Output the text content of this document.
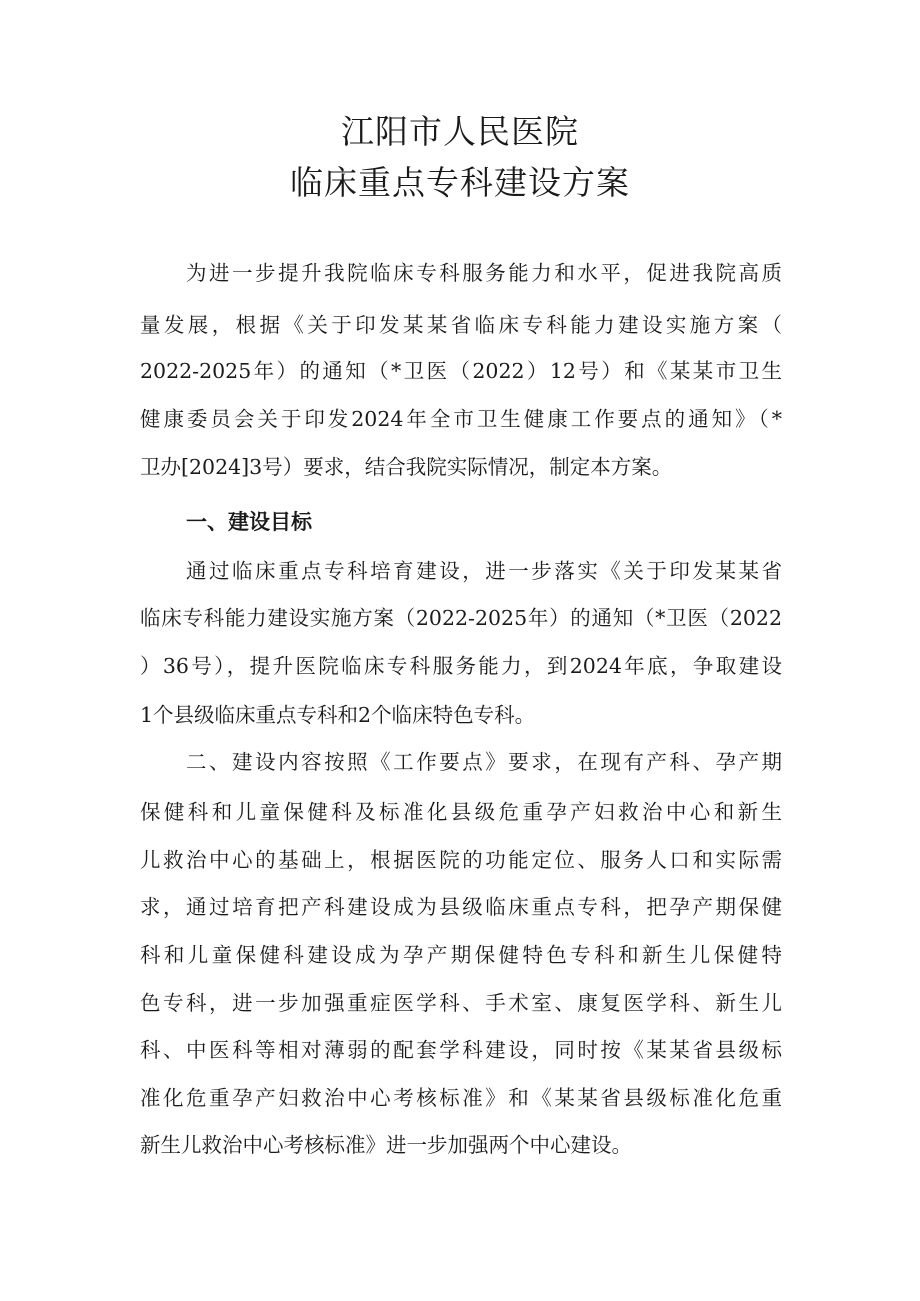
江阳市人民医院
临床重点专科建设方案

为进一步提升我院临床专科服务能力和水平，促进我院高质

量发展，根据《关于印发某某省临床专科能力建设实施方案（

2022-2025年）的通知（*卫医（2022）12号）和《某某市卫生

健康委员会关于印发2024年全市卫生健康工作要点的通知》（*

卫办[2024]3号）要求，结合我院实际情况，制定本方案。

一、建设目标

通过临床重点专科培育建设，进一步落实《关于印发某某省

临床专科能力建设实施方案（2022-2025年）的通知（*卫医（2022

）36号），提升医院临床专科服务能力，到2024年底，争取建设

1个县级临床重点专科和2个临床特色专科。

二、建设内容按照《工作要点》要求，在现有产科、孕产期

保健科和儿童保健科及标准化县级危重孕产妇救治中心和新生

儿救治中心的基础上，根据医院的功能定位、服务人口和实际需

求，通过培育把产科建设成为县级临床重点专科，把孕产期保健

科和儿童保健科建设成为孕产期保健特色专科和新生儿保健特

色专科，进一步加强重症医学科、手术室、康复医学科、新生儿

科、中医科等相对薄弱的配套学科建设，同时按《某某省县级标

准化危重孕产妇救治中心考核标准》和《某某省县级标准化危重

新生儿救治中心考核标准》进一步加强两个中心建设。
